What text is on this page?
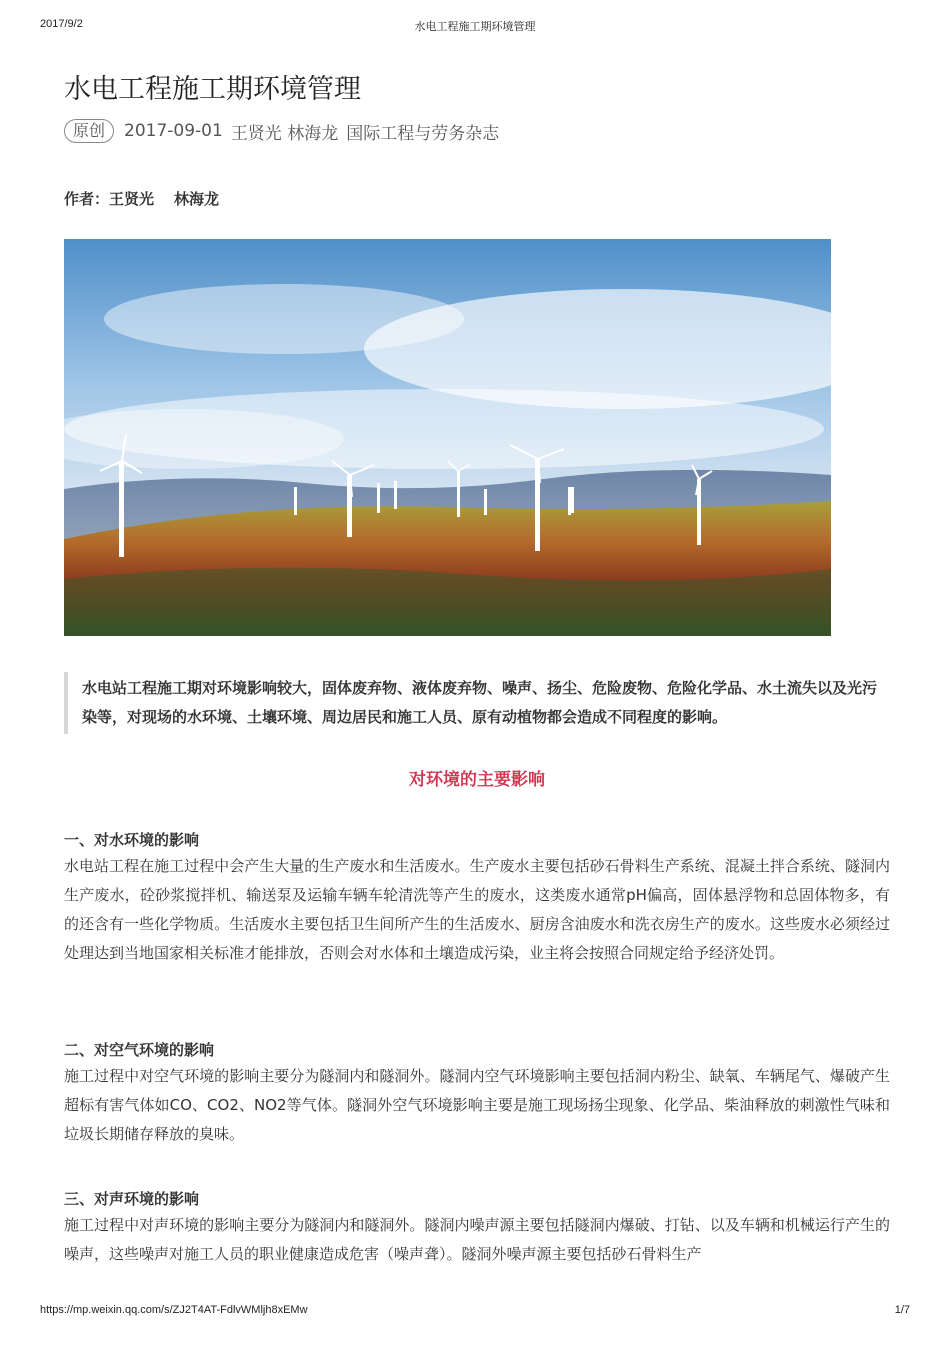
2017/9/2	水电工程施工期环境管理
水电工程施工期环境管理
原创	2017-09-01 王贤光 林海龙 国际工程与劳务杂志
作者：王贤光 林海龙
水电站工程施工期对环境影响较大，固体废弃物、液体废弃物、噪声、扬尘、危险废物、危险化学品、水土流失以及光污染等，对现场的水环境、土壤环境、周边居民和施工人员、原有动植物都会造成不同程度的影响。
对环境的主要影响
一、对水环境的影响

水电站工程在施工过程中会产生大量的生产废水和生活废水。生产废水主要包括砂石骨料生产系统、混凝土拌合系统、隧洞内生产废水，砼砂浆搅拌机、输送泵及运输车辆车轮清洗等产生的废水，这类废水通常pH偏高，固体悬浮物和总固体物多，有的还含有一些化学物质。生活废水主要包括卫生间所产生的生活废水、厨房含油废水和洗衣房生产的废水。这些废水必须经过处理达到当地国家相关标准才能排放，否则会对水体和土壤造成污染，业主将会按照合同规定给予经济处罚。

二、对空气环境的影响

施工过程中对空气环境的影响主要分为隧洞内和隧洞外。隧洞内空气环境影响主要包括洞内粉尘、缺氧、车辆尾气、爆破产生超标有害气体如CO、CO2、NO2等气体。隧洞外空气环境影响主要是施工现场扬尘现象、化学品、柴油释放的刺激性气味和垃圾长期储存释放的臭味。

三、对声环境的影响

施工过程中对声环境的影响主要分为隧洞内和隧洞外。隧洞内噪声源主要包括隧洞内爆破、打钻、以及车辆和机械运行产生的噪声，这些噪声对施工人员的职业健康造成危害（噪声聋）。隧洞外噪声源主要包括砂石骨料生产

https://mp.weixin.qq.com/s/ZJ2T4AT-FdlvWMljh8xEMw	1/7
